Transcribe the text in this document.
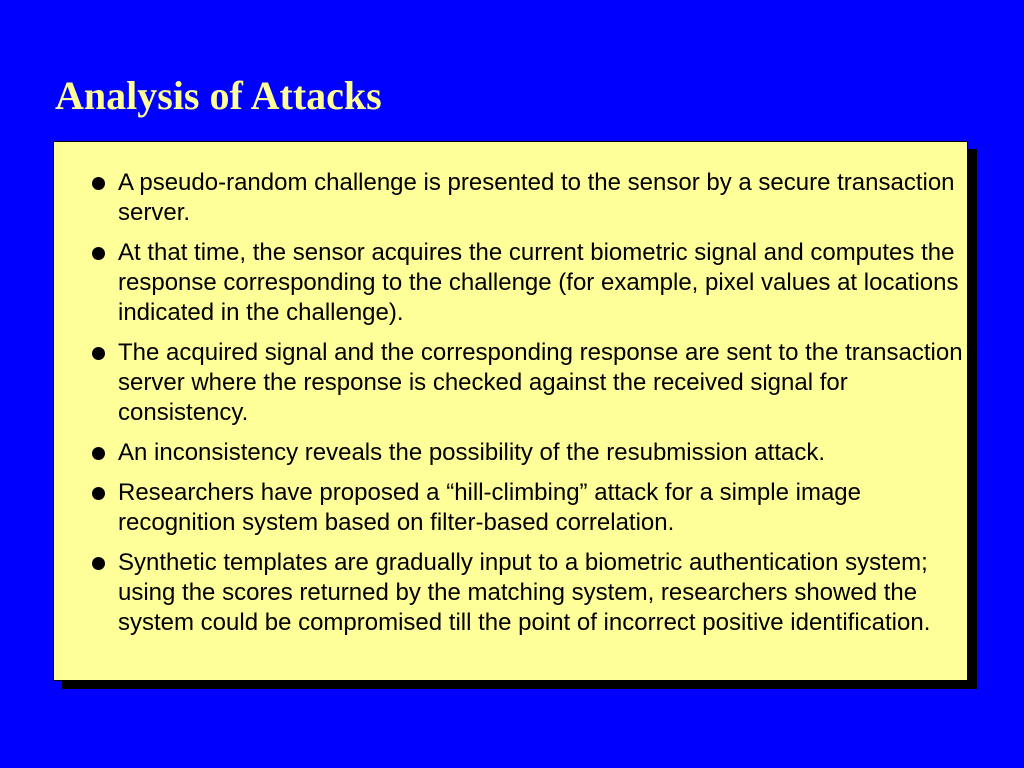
Analysis of Attacks
A pseudo-random challenge is presented to the sensor by a secure transaction server.
At that time, the sensor acquires the current biometric signal and computes the response corresponding to the challenge (for example, pixel values at locations indicated in the challenge).
The acquired signal and the corresponding response are sent to the transaction server where the response is checked against the received signal for consistency.
An inconsistency reveals the possibility of the resubmission attack.
Researchers have proposed a “hill-climbing” attack for a simple image recognition system based on filter-based correlation.
Synthetic templates are gradually input to a biometric authentication system; using the scores returned by the matching system, researchers showed the system could be compromised till the point of incorrect positive identification.
